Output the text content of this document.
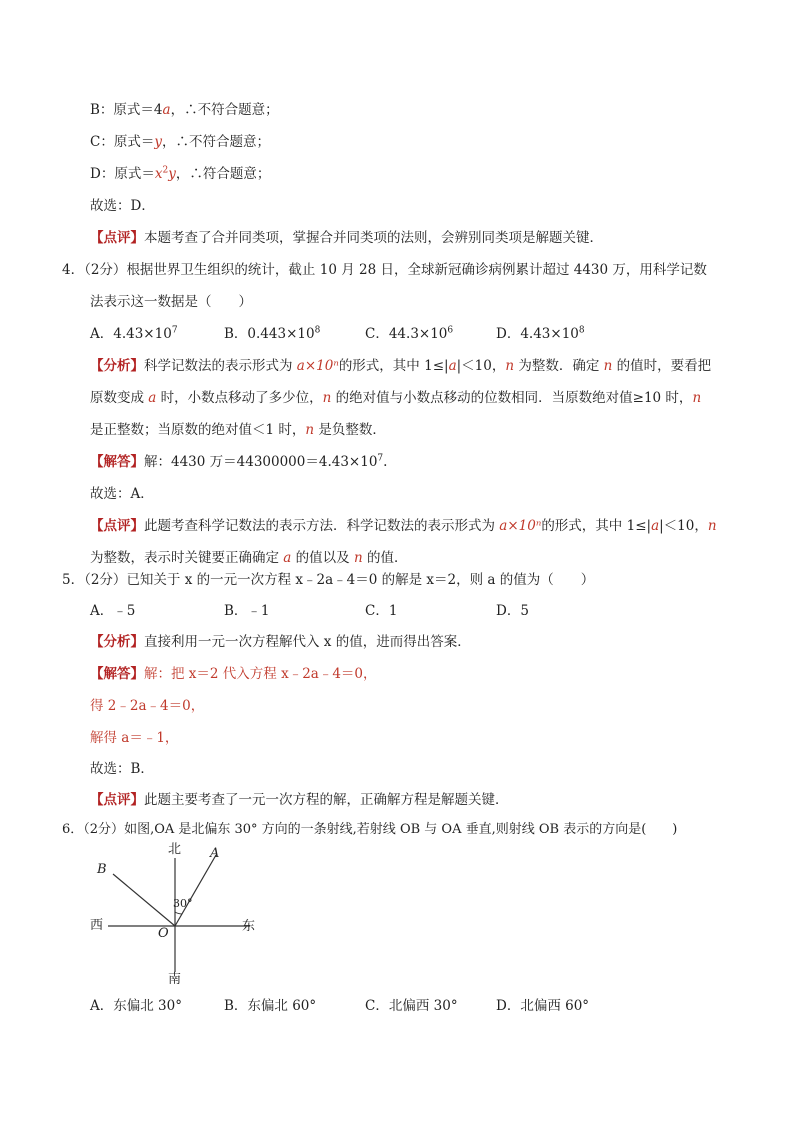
B：原式＝4a，∴不符合题意；
C：原式＝y，∴不符合题意；
D：原式$=x^2y$，∴符合题意；
故选：D．
【点评】本题考查了合并同类项，掌握合并同类项的法则，会辨别同类项是解题关键．
4．（2分）根据世界卫生组织的统计，截止 10 月 28 日，全球新冠确诊病例累计超过 4430 万，用科学记数
法表示这一数据是（　　）
A．$4.43\times 10^7$	B．$0.443\times 10^8$	C．$44.3\times 10^6$	D．$4.43\times 10^8$
【分析】科学记数法的表示形式为 a×10ⁿ的形式，其中 1≤|a|＜10，n 为整数．确定 n 的值时，要看把
原数变成 a 时，小数点移动了多少位，n 的绝对值与小数点移动的位数相同．当原数绝对值≥10 时，n
是正整数；当原数的绝对值＜1 时，n 是负整数．
【解答】解：4430 万$=44300000=4.43\times 10^7$.
故选：A．
【点评】此题考查科学记数法的表示方法．科学记数法的表示形式为 a×10ⁿ的形式，其中 1≤|a|＜10，n
为整数，表示时关键要正确确定 a 的值以及 n 的值．
5．（2分）已知关于 x 的一元一次方程 x﹣2a﹣4＝0 的解是 x＝2，则 a 的值为（　　）
A．﹣5	B．﹣1	C．1	D．5
【分析】直接利用一元一次方程解代入 x 的值，进而得出答案．
【解答】解：把 x＝2 代入方程 x﹣2a﹣4＝0，
得 2﹣2a﹣4＝0，
解得 a＝﹣1，
故选：B．
【点评】此题主要考查了一元一次方程的解，正确解方程是解题关键．
6．（2分）如图,OA 是北偏东 30° 方向的一条射线,若射线 OB 与 OA 垂直,则射线 OB 表示的方向是(　　)
北
南
西	东
A
B
O
30°
A．东偏北 30°	B．东偏北 60°	C．北偏西 30°	D．北偏西 60°
